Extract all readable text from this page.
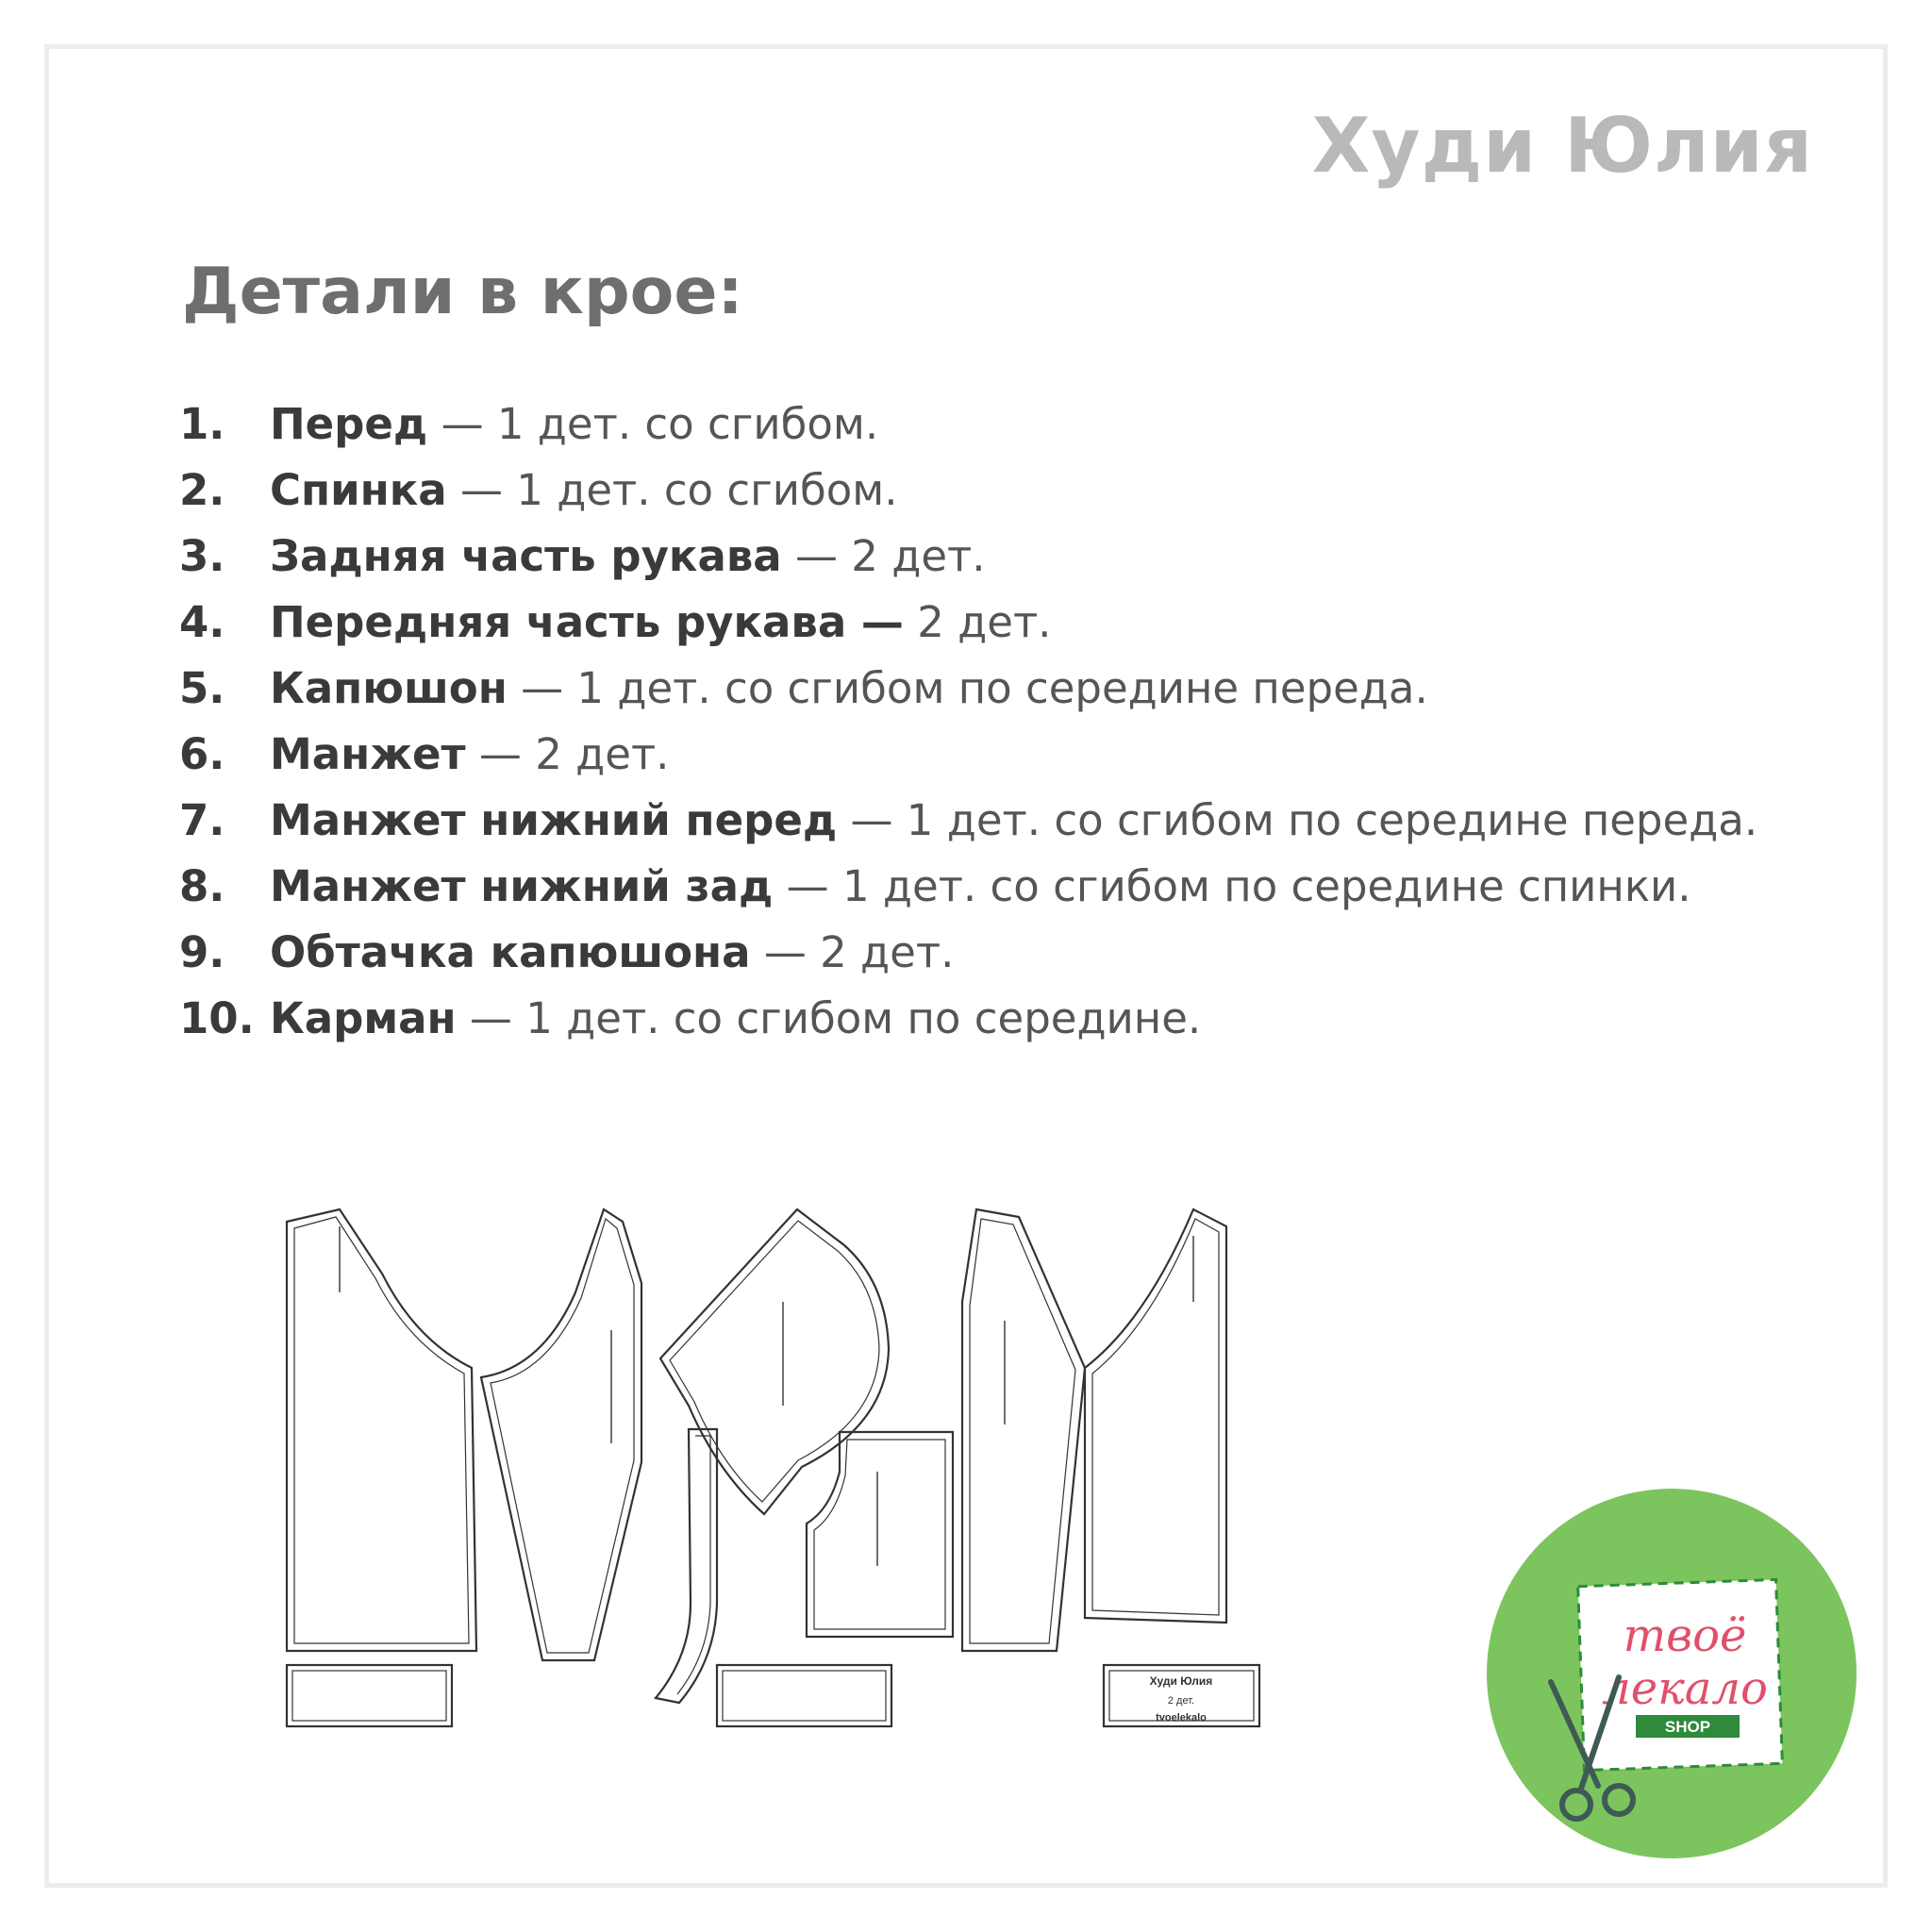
Худи Юлия
Детали в крое:
1.	Перед — 1 дет. со сгибом.
2.	Спинка — 1 дет. со сгибом.
3.	Задняя часть рукава — 2 дет.
4.	Передняя часть рукава — 2 дет.
5.	Капюшон — 1 дет. со сгибом по середине переда.
6.	Манжет — 2 дет.
7.	Манжет нижний перед — 1 дет. со сгибом по середине переда.
8.	Манжет нижний зад — 1 дет. со сгибом по середине спинки.
9.	Обтачка капюшона — 2 дет.
10. Карман — 1 дет. со сгибом по середине.
Худи Юлия
2 дет.
tvoelekalo
твоё
лекало
SHOP
